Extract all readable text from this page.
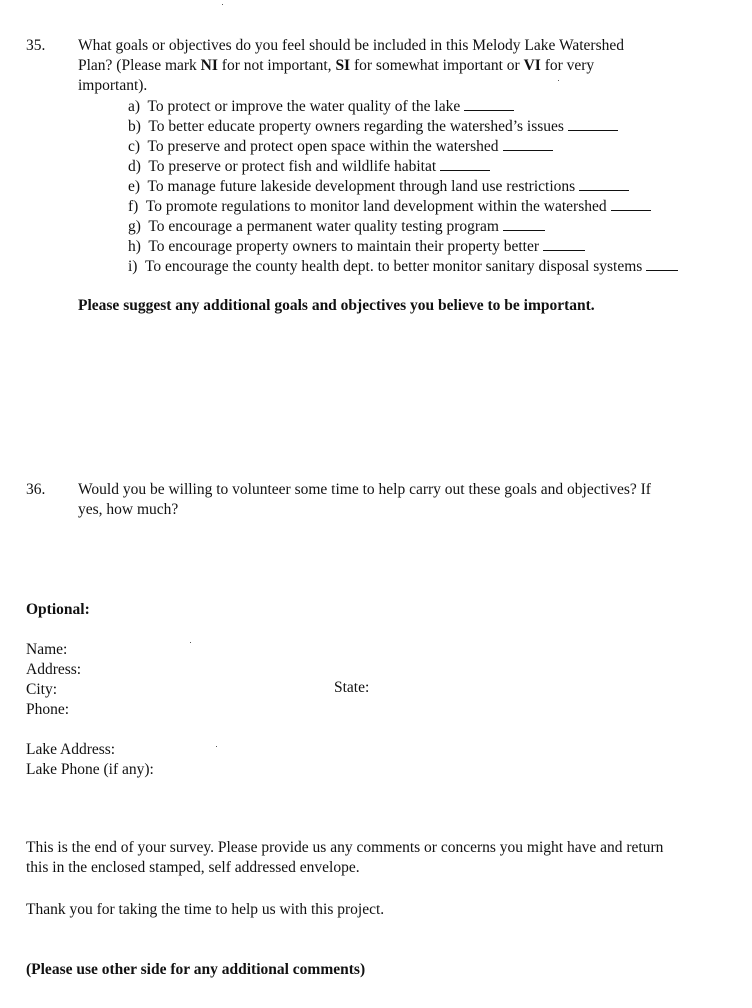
35. What goals or objectives do you feel should be included in this Melody Lake Watershed
Plan? (Please mark NI for not important, SI for somewhat important or VI for very
important).
a) To protect or improve the water quality of the lake
b) To better educate property owners regarding the watershed’s issues
c) To preserve and protect open space within the watershed
d) To preserve or protect fish and wildlife habitat
e) To manage future lakeside development through land use restrictions
f) To promote regulations to monitor land development within the watershed
g) To encourage a permanent water quality testing program
h) To encourage property owners to maintain their property better
i) To encourage the county health dept. to better monitor sanitary disposal systems
Please suggest any additional goals and objectives you believe to be important.
36. Would you be willing to volunteer some time to help carry out these goals and objectives? If
yes, how much?
Optional:
Name:
Address:
City:	State:
Phone:
Lake Address:
Lake Phone (if any):
This is the end of your survey. Please provide us any comments or concerns you might have and return
this in the enclosed stamped, self addressed envelope.
Thank you for taking the time to help us with this project.
(Please use other side for any additional comments)
